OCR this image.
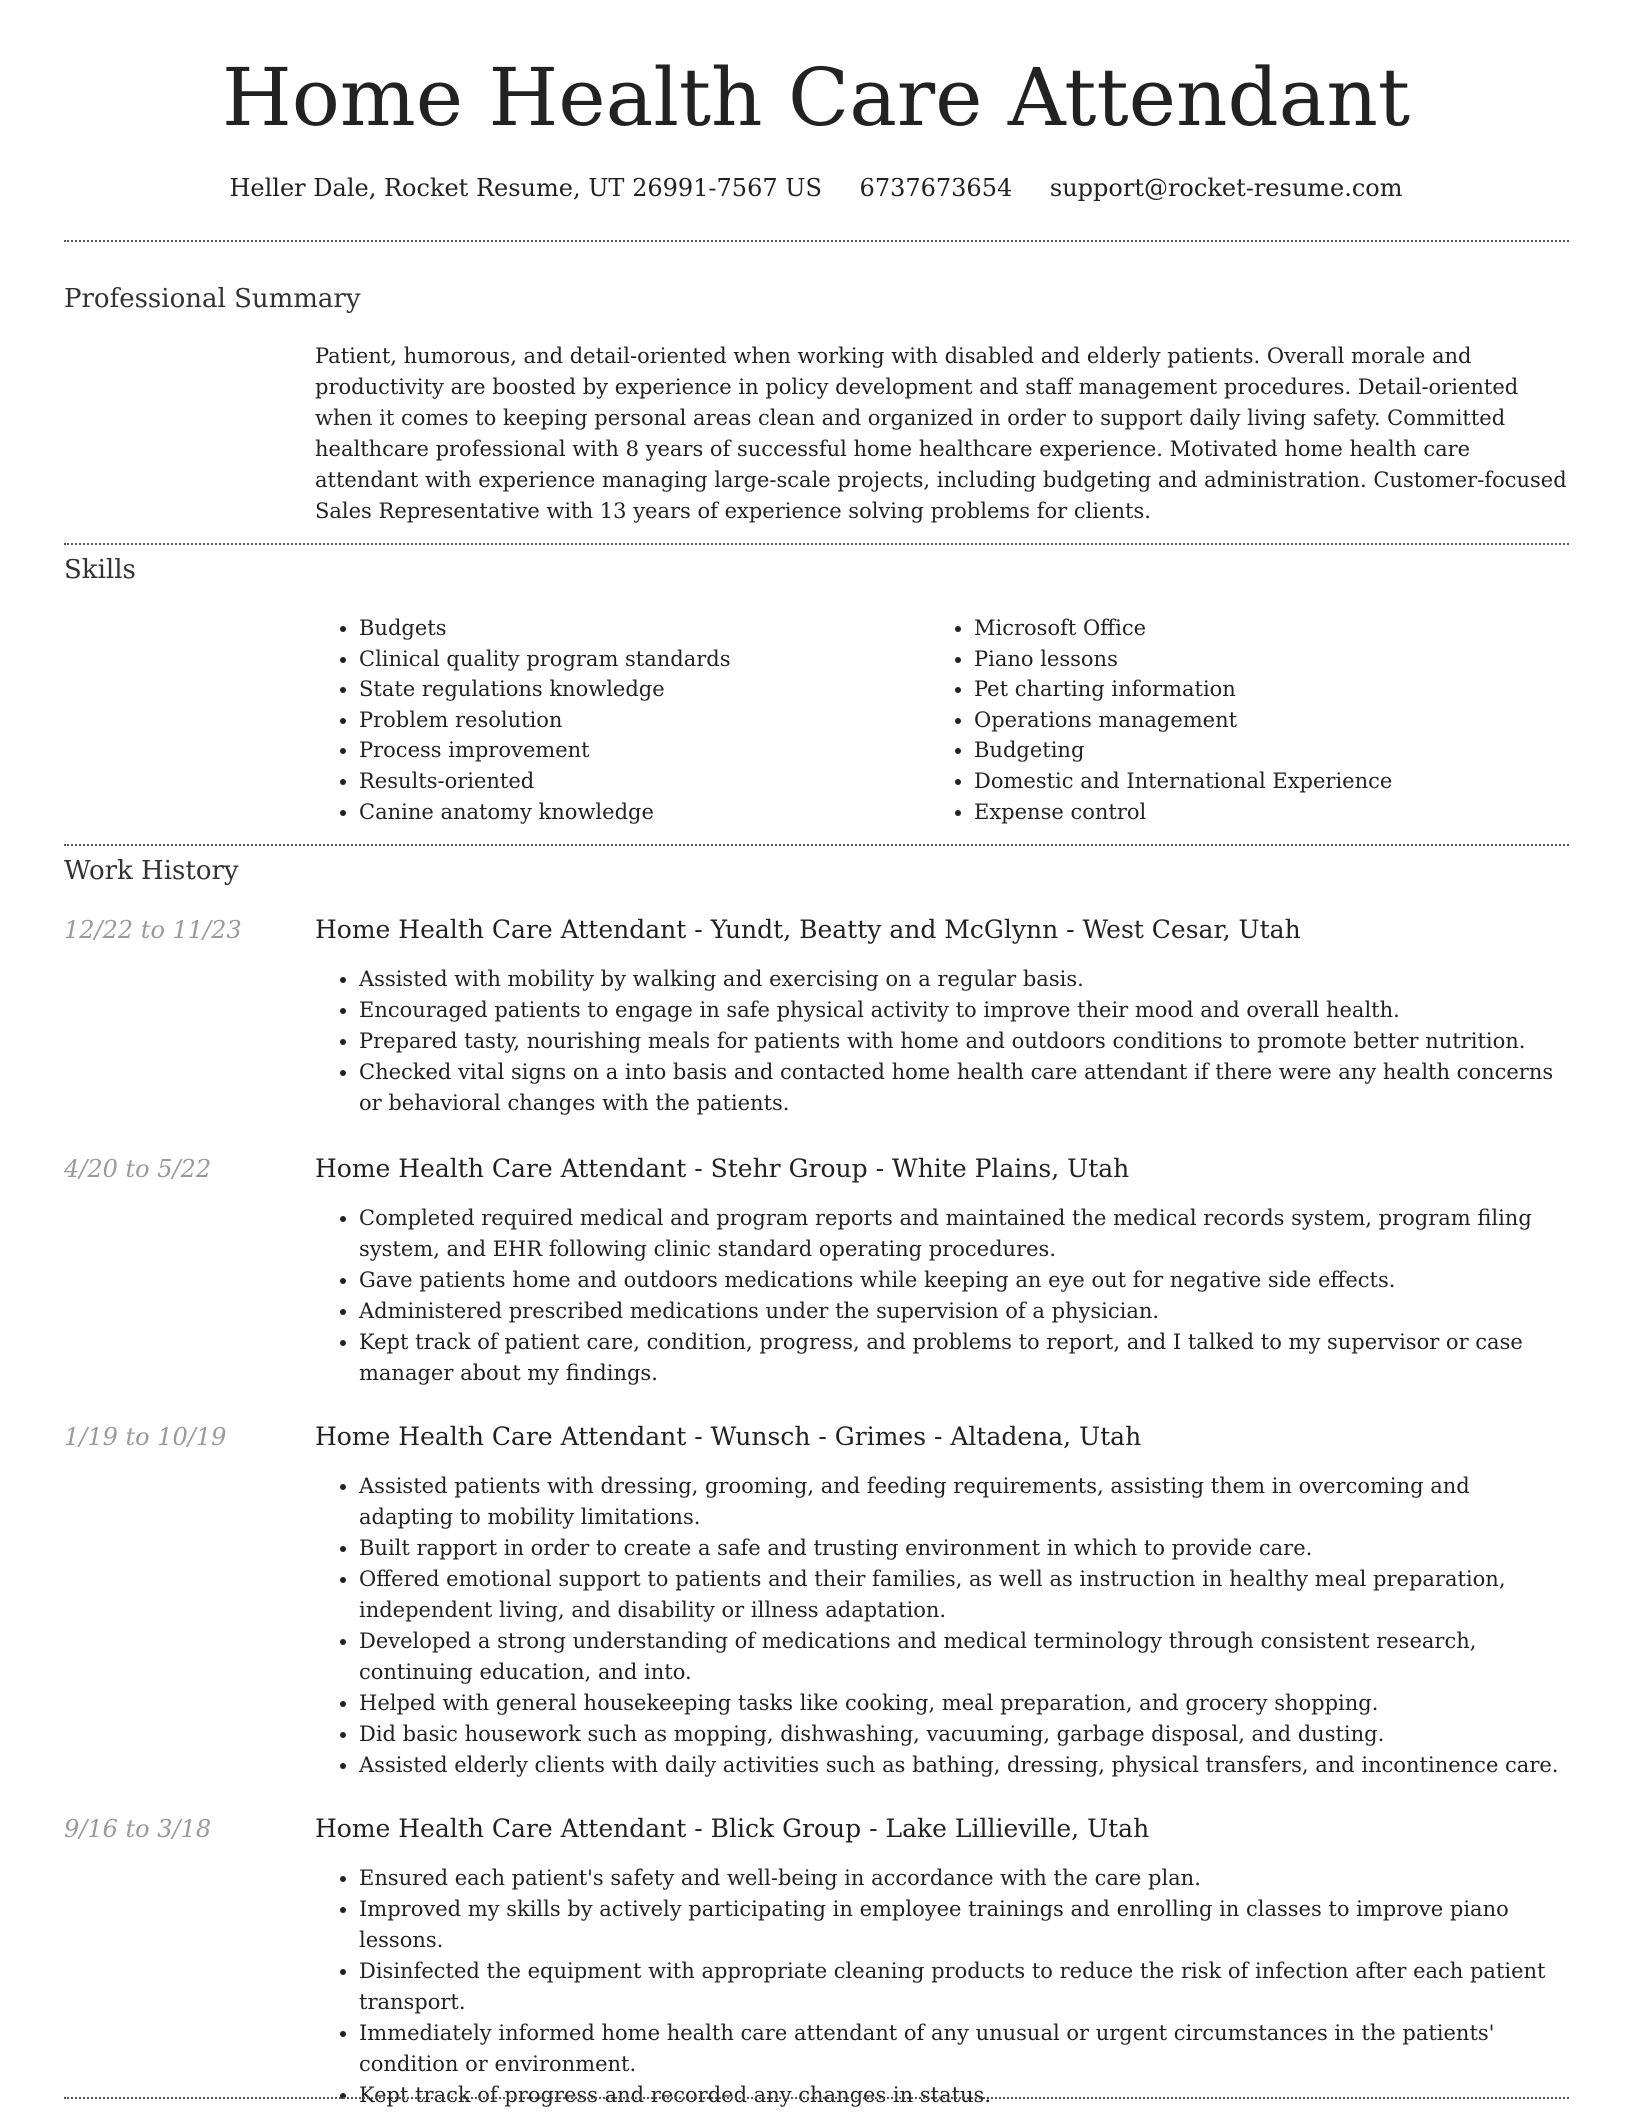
Home Health Care Attendant
Heller Dale, Rocket Resume, UT 26991-7567 US 6737673654 support@rocket-resume.com
Professional Summary

Patient, humorous, and detail-oriented when working with disabled and elderly patients. Overall morale and productivity are boosted by experience in policy development and staff management procedures. Detail-oriented when it comes to keeping personal areas clean and organized in order to support daily living safety. Committed healthcare professional with 8 years of successful home healthcare experience. Motivated home health care attendant with experience managing large-scale projects, including budgeting and administration. Customer-focused Sales Representative with 13 years of experience solving problems for clients.

Skills
• Budgets
• Clinical quality program standards
• State regulations knowledge
• Problem resolution
• Process improvement
• Results-oriented
• Canine anatomy knowledge
• Microsoft Office
• Piano lessons
• Pet charting information
• Operations management
• Budgeting
• Domestic and International Experience
• Expense control
Work History
12/22 to 11/23	Home Health Care Attendant - Yundt, Beatty and McGlynn - West Cesar, Utah
• Assisted with mobility by walking and exercising on a regular basis.
• Encouraged patients to engage in safe physical activity to improve their mood and overall health.
• Prepared tasty, nourishing meals for patients with home and outdoors conditions to promote better nutrition.
• Checked vital signs on a into basis and contacted home health care attendant if there were any health concerns or behavioral changes with the patients.
4/20 to 5/22	Home Health Care Attendant - Stehr Group - White Plains, Utah
• Completed required medical and program reports and maintained the medical records system, program filing system, and EHR following clinic standard operating procedures.
• Gave patients home and outdoors medications while keeping an eye out for negative side effects.
• Administered prescribed medications under the supervision of a physician.
• Kept track of patient care, condition, progress, and problems to report, and I talked to my supervisor or case manager about my findings.
1/19 to 10/19	Home Health Care Attendant - Wunsch - Grimes - Altadena, Utah
• Assisted patients with dressing, grooming, and feeding requirements, assisting them in overcoming and adapting to mobility limitations.
• Built rapport in order to create a safe and trusting environment in which to provide care.
• Offered emotional support to patients and their families, as well as instruction in healthy meal preparation, independent living, and disability or illness adaptation.
• Developed a strong understanding of medications and medical terminology through consistent research, continuing education, and into.
• Helped with general housekeeping tasks like cooking, meal preparation, and grocery shopping.
• Did basic housework such as mopping, dishwashing, vacuuming, garbage disposal, and dusting.
• Assisted elderly clients with daily activities such as bathing, dressing, physical transfers, and incontinence care.
9/16 to 3/18	Home Health Care Attendant - Blick Group - Lake Lillieville, Utah
• Ensured each patient's safety and well-being in accordance with the care plan.
• Improved my skills by actively participating in employee trainings and enrolling in classes to improve piano lessons.
• Disinfected the equipment with appropriate cleaning products to reduce the risk of infection after each patient transport.
• Immediately informed home health care attendant of any unusual or urgent circumstances in the patients' condition or environment.
• Kept track of progress and recorded any changes in status.
